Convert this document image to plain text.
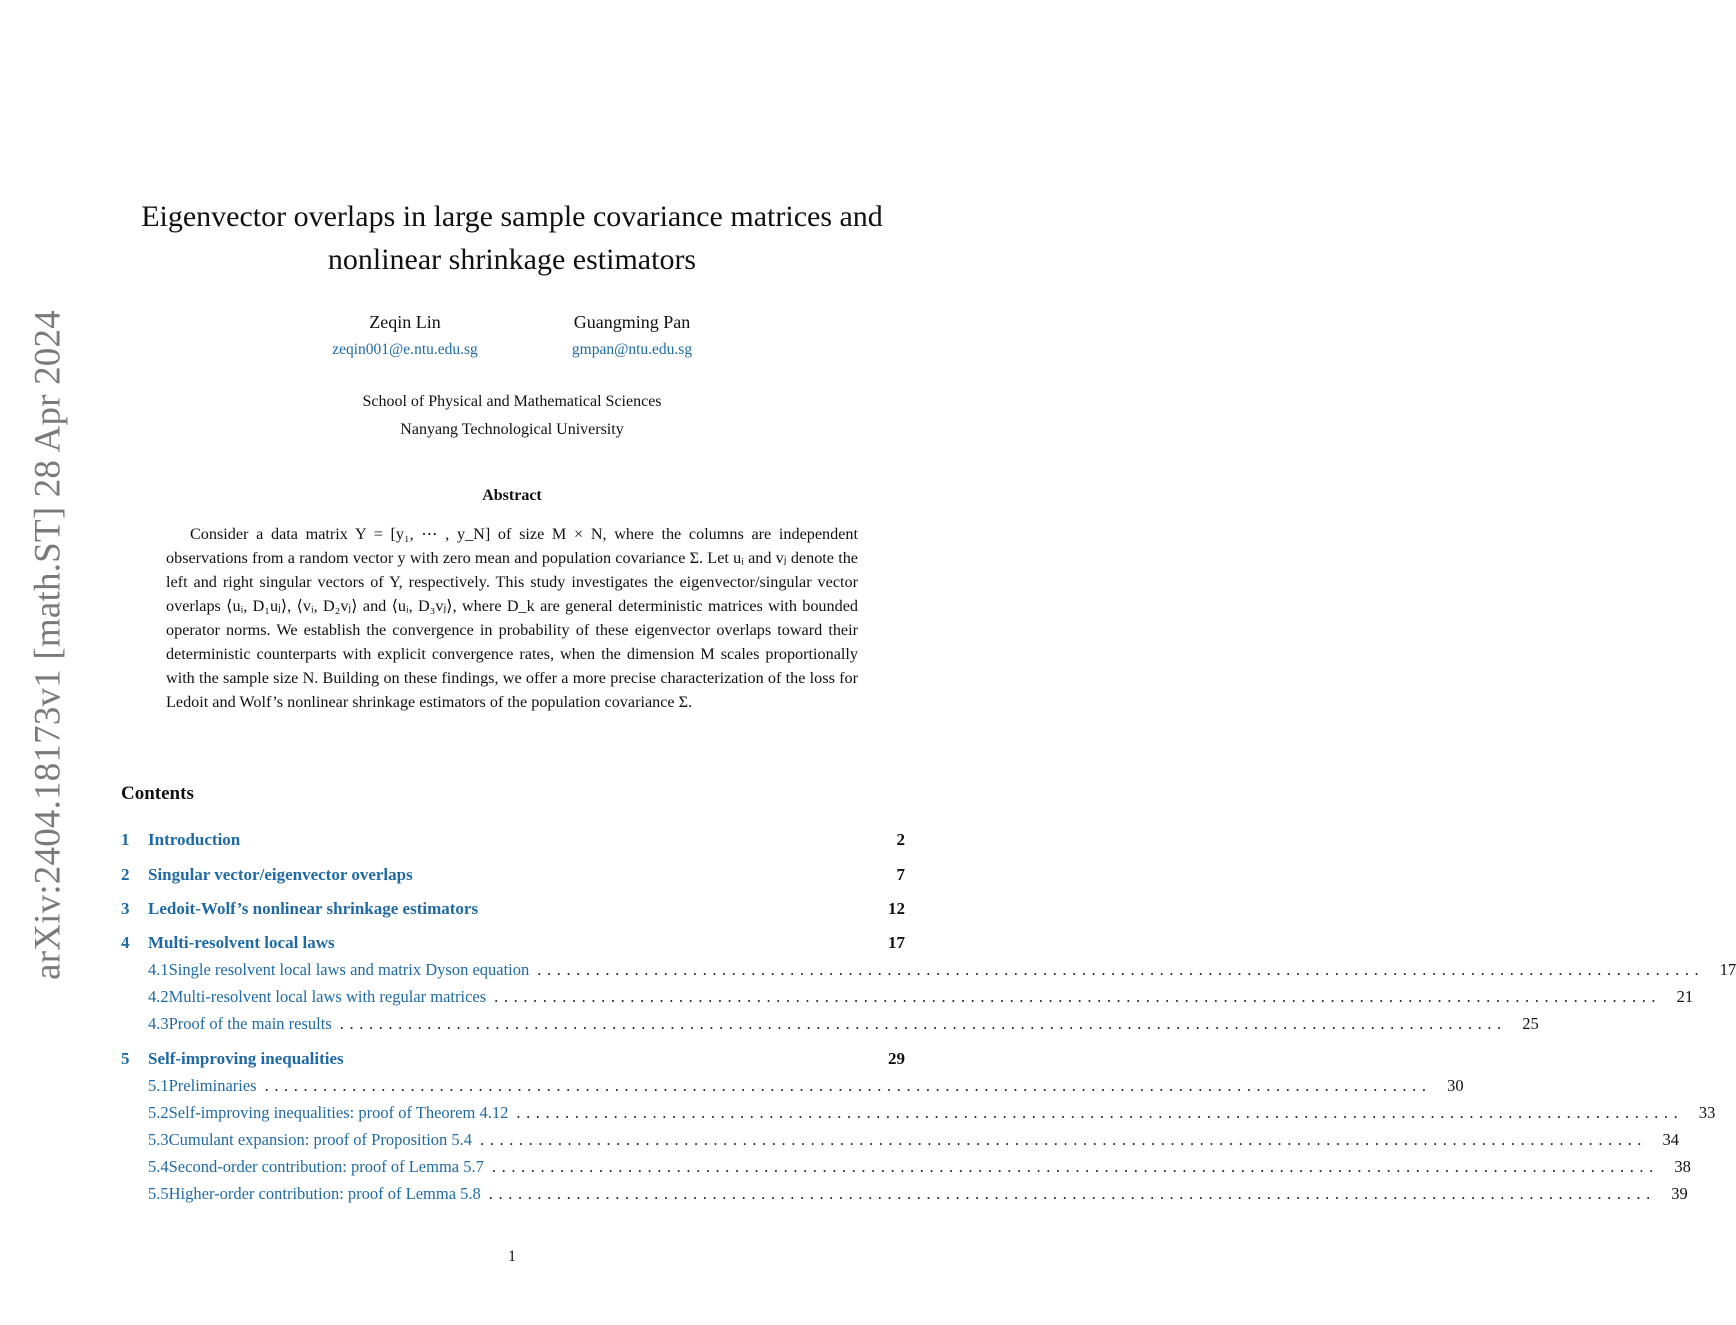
arXiv:2404.18173v1 [math.ST] 28 Apr 2024
Eigenvector overlaps in large sample covariance matrices and
nonlinear shrinkage estimators
Zeqin Lin
zeqin001@e.ntu.edu.sg
Guangming Pan
gmpan@ntu.edu.sg
School of Physical and Mathematical Sciences
Nanyang Technological University
Abstract
Consider a data matrix Y = [y₁, ⋯ , y_N] of size M × N, where the columns are independent observations from a random vector y with zero mean and population covariance Σ. Let uᵢ and vⱼ denote the left and right singular vectors of Y, respectively. This study investigates the eigenvector/singular vector overlaps ⟨uᵢ, D₁uⱼ⟩, ⟨vᵢ, D₂vⱼ⟩ and ⟨uᵢ, D₃vⱼ⟩, where D_k are general deterministic matrices with bounded operator norms. We establish the convergence in probability of these eigenvector overlaps toward their deterministic counterparts with explicit convergence rates, when the dimension M scales proportionally with the sample size N. Building on these findings, we offer a more precise characterization of the loss for Ledoit and Wolf’s nonlinear shrinkage estimators of the population covariance Σ.
Contents
1	Introduction	2
2	Singular vector/eigenvector overlaps	7
3	Ledoit-Wolf’s nonlinear shrinkage estimators	12
4	Multi-resolvent local laws	17
4.1 Single resolvent local laws and matrix Dyson equation ........................................................................................................................ 17
4.2 Multi-resolvent local laws with regular matrices ........................................................................................................................ 21
4.3 Proof of the main results ........................................................................................................................ 25
5	Self-improving inequalities	29
5.1 Preliminaries ........................................................................................................................ 30
5.2 Self-improving inequalities: proof of Theorem 4.12 ........................................................................................................................ 33
5.3 Cumulant expansion: proof of Proposition 5.4 ........................................................................................................................ 34
5.4 Second-order contribution: proof of Lemma 5.7 ........................................................................................................................ 38
5.5 Higher-order contribution: proof of Lemma 5.8 ........................................................................................................................ 39
1
